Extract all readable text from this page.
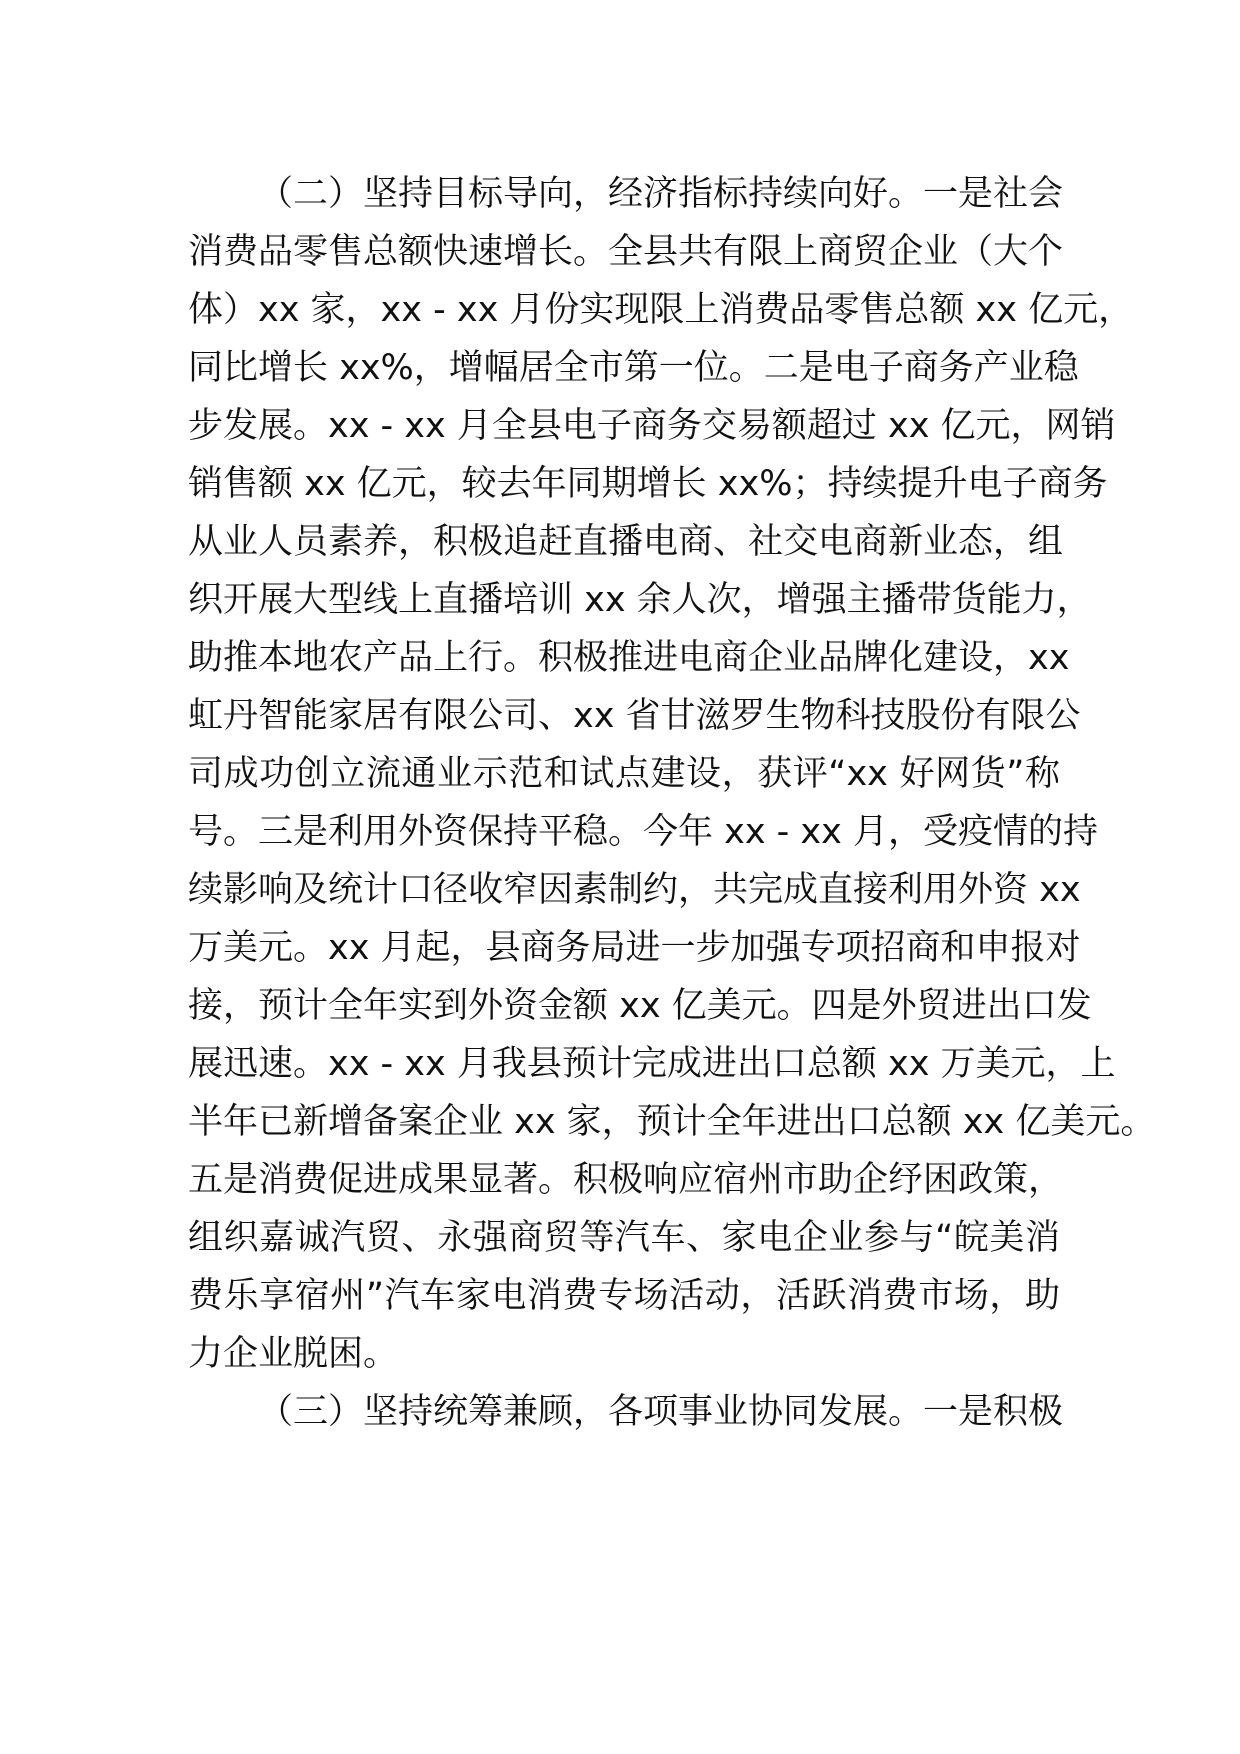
（二）坚持目标导向，经济指标持续向好。一是社会
消费品零售总额快速增长。全县共有限上商贸企业（大个
体）xx 家，xx - xx 月份实现限上消费品零售总额 xx 亿元，
同比增长 xx%，增幅居全市第一位。二是电子商务产业稳
步发展。xx - xx 月全县电子商务交易额超过 xx 亿元，网销
销售额 xx 亿元，较去年同期增长 xx%；持续提升电子商务
从业人员素养，积极追赶直播电商、社交电商新业态，组
织开展大型线上直播培训 xx 余人次，增强主播带货能力，
助推本地农产品上行。积极推进电商企业品牌化建设，xx
虹丹智能家居有限公司、xx 省甘滋罗生物科技股份有限公
司成功创立流通业示范和试点建设，获评“xx 好网货”称
号。三是利用外资保持平稳。今年 xx - xx 月，受疫情的持
续影响及统计口径收窄因素制约，共完成直接利用外资 xx
万美元。xx 月起，县商务局进一步加强专项招商和申报对
接，预计全年实到外资金额 xx 亿美元。四是外贸进出口发
展迅速。xx - xx 月我县预计完成进出口总额 xx 万美元，上
半年已新增备案企业 xx 家，预计全年进出口总额 xx 亿美元。
五是消费促进成果显著。积极响应宿州市助企纾困政策，
组织嘉诚汽贸、永强商贸等汽车、家电企业参与“皖美消
费乐享宿州”汽车家电消费专场活动，活跃消费市场，助
力企业脱困。
（三）坚持统筹兼顾，各项事业协同发展。一是积极
